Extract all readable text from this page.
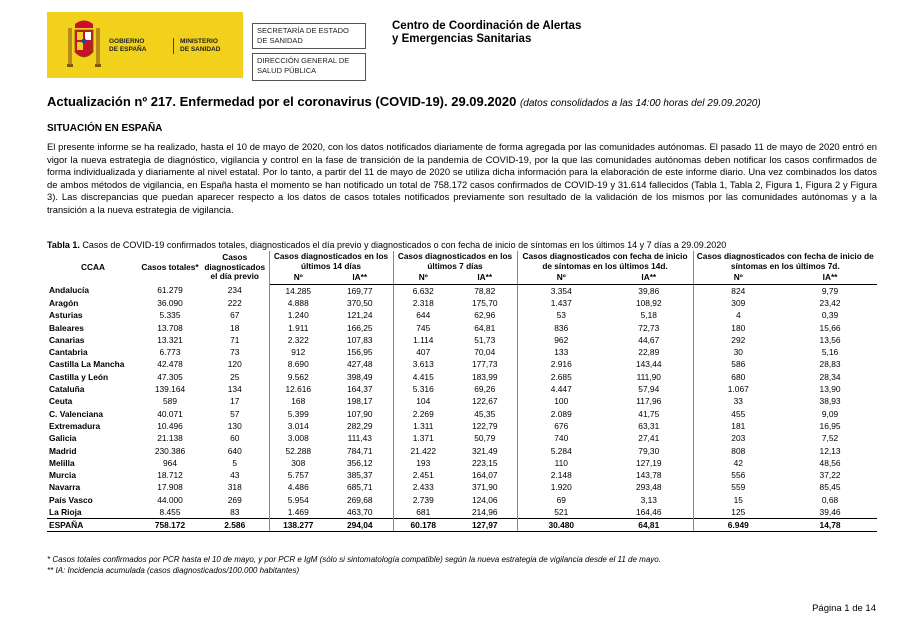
GOBIERNO
DE ESPAÑA
MINISTERIO
DE SANIDAD
SECRETARÍA DE ESTADO
DE SANIDAD
DIRECCIÓN GENERAL DE
SALUD PÚBLICA
Centro de Coordinación de Alertas
y Emergencias Sanitarias
Actualización nº 217. Enfermedad por el coronavirus (COVID-19). 29.09.2020 (datos consolidados a las 14:00 horas del 29.09.2020)
SITUACIÓN EN ESPAÑA
El presente informe se ha realizado, hasta el 10 de mayo de 2020, con los datos notificados diariamente de forma agregada por las comunidades autónomas. El pasado 11 de mayo de 2020 entró en vigor la nueva estrategia de diagnóstico, vigilancia y control en la fase de transición de la pandemia de COVID-19, por la que las comunidades autónomas deben notificar los casos confirmados de forma individualizada y diariamente al nivel estatal. Por lo tanto, a partir del 11 de mayo de 2020 se utiliza dicha información para la elaboración de este informe diario. Una vez combinados los datos de ambos métodos de vigilancia, en España hasta el momento se han notificado un total de 758.172 casos confirmados de COVID-19 y 31.614 fallecidos (Tabla 1, Tabla 2, Figura 1, Figura 2 y Figura 3). Las discrepancias que puedan aparecer respecto a los datos de casos totales notificados previamente son resultado de la validación de los mismos por las comunidades autónomas y a la transición a la nueva estrategia de vigilancia.
Tabla 1. Casos de COVID-19 confirmados totales, diagnosticados el día previo y diagnosticados o con fecha de inicio de síntomas en los últimos 14 y 7 días a 29.09.2020
CCAA	Casos totales*	Casos diagnosticados el día previo	Casos diagnosticados en los últimos 14 días		Casos diagnosticados en los últimos 7 días		Casos diagnosticados con fecha de inicio de síntomas en los últimos 14d.		Casos diagnosticados con fecha de inicio de síntomas en los últimos 7d.	
			Nº	IA**	Nº	IA**	Nº	IA**	Nº	IA**
Andalucía	61.279	234	14.285	169,77	6.632	78,82	3.354	39,86	824	9,79
Aragón	36.090	222	4.888	370,50	2.318	175,70	1.437	108,92	309	23,42
Asturias	5.335	67	1.240	121,24	644	62,96	53	5,18	4	0,39
Baleares	13.708	18	1.911	166,25	745	64,81	836	72,73	180	15,66
Canarias	13.321	71	2.322	107,83	1.114	51,73	962	44,67	292	13,56
Cantabria	6.773	73	912	156,95	407	70,04	133	22,89	30	5,16
Castilla La Mancha	42.478	120	8.690	427,48	3.613	177,73	2.916	143,44	586	28,83
Castilla y León	47.305	25	9.562	398,49	4.415	183,99	2.685	111,90	680	28,34
Cataluña	139.164	134	12.616	164,37	5.316	69,26	4.447	57,94	1.067	13,90
Ceuta	589	17	168	198,17	104	122,67	100	117,96	33	38,93
C. Valenciana	40.071	57	5.399	107,90	2.269	45,35	2.089	41,75	455	9,09
Extremadura	10.496	130	3.014	282,29	1.311	122,79	676	63,31	181	16,95
Galicia	21.138	60	3.008	111,43	1.371	50,79	740	27,41	203	7,52
Madrid	230.386	640	52.288	784,71	21.422	321,49	5.284	79,30	808	12,13
Melilla	964	5	308	356,12	193	223,15	110	127,19	42	48,56
Murcia	18.712	43	5.757	385,37	2.451	164,07	2.148	143,78	556	37,22
Navarra	17.908	318	4.486	685,71	2.433	371,90	1.920	293,48	559	85,45
País Vasco	44.000	269	5.954	269,68	2.739	124,06	69	3,13	15	0,68
La Rioja	8.455	83	1.469	463,70	681	214,96	521	164,46	125	39,46
ESPAÑA	758.172	2.586	138.277	294,04	60.178	127,97	30.480	64,81	6.949	14,78
* Casos totales confirmados por PCR hasta el 10 de mayo, y por PCR e IgM (sólo si sintomatología compatible) según la nueva estrategia de vigilancia desde el 11 de mayo.
** IA: Incidencia acumulada (casos diagnosticados/100.000 habitantes)
Página 1 de 14
